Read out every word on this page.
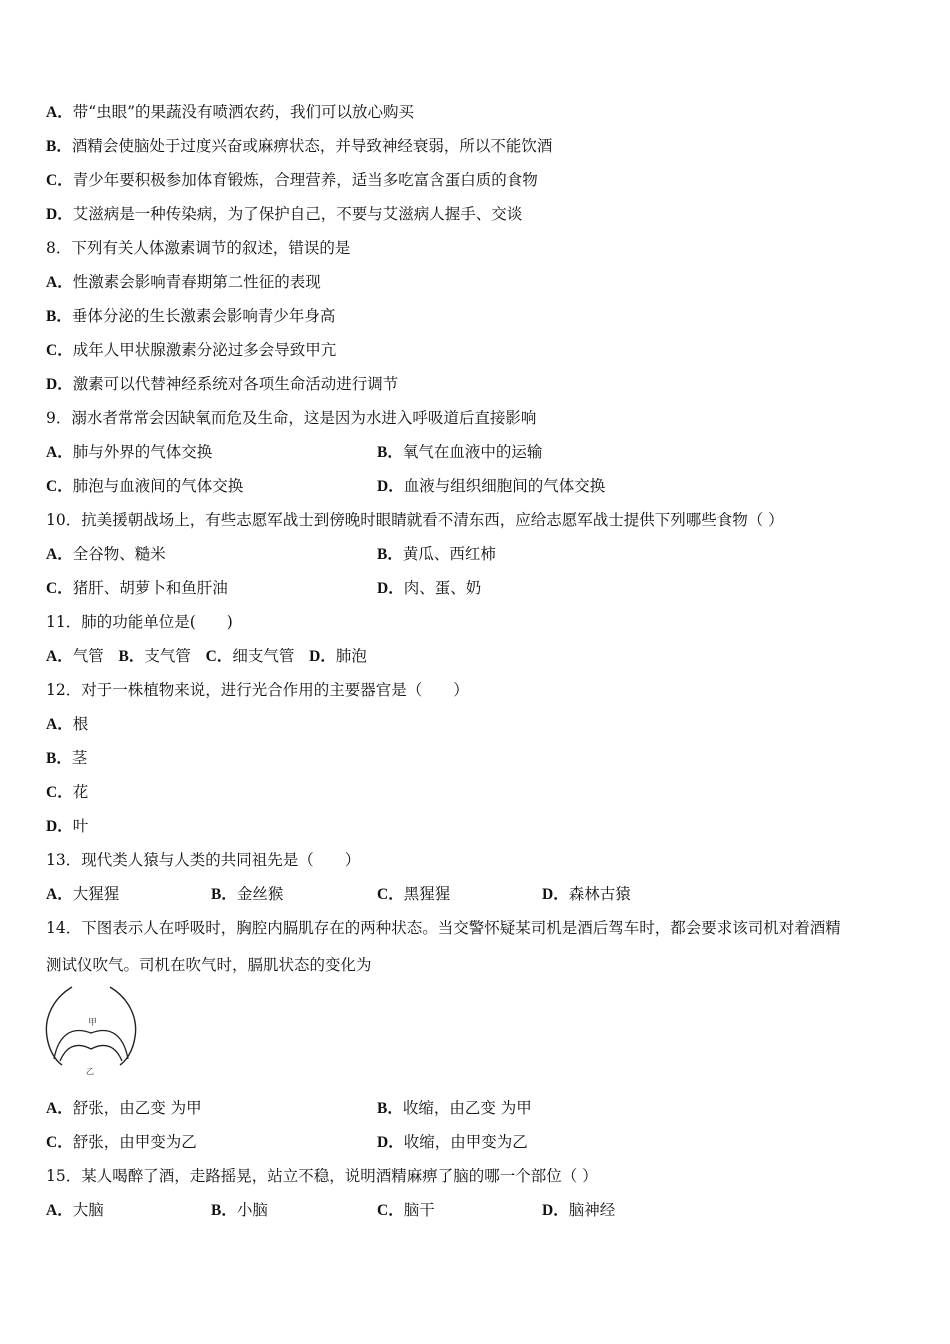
A．带“虫眼”的果蔬没有喷洒农药，我们可以放心购买
B．酒精会使脑处于过度兴奋或麻痹状态，并导致神经衰弱，所以不能饮酒
C．青少年要积极参加体育锻炼，合理营养，适当多吃富含蛋白质的食物
D．艾滋病是一种传染病，为了保护自己，不要与艾滋病人握手、交谈
8．下列有关人体激素调节的叙述，错误的是
A．性激素会影响青春期第二性征的表现
B．垂体分泌的生长激素会影响青少年身高
C．成年人甲状腺激素分泌过多会导致甲亢
D．激素可以代替神经系统对各项生命活动进行调节
9．溺水者常常会因缺氧而危及生命，这是因为水进入呼吸道后直接影响
A．肺与外界的气体交换	B．氧气在血液中的运输
C．肺泡与血液间的气体交换	D．血液与组织细胞间的气体交换
10．抗美援朝战场上，有些志愿军战士到傍晚时眼睛就看不清东西，应给志愿军战士提供下列哪些食物（ ）
A．全谷物、糙米	B．黄瓜、西红柿
C．猪肝、胡萝卜和鱼肝油	D．肉、蛋、奶
11．肺的功能单位是(　　)
A．气管 B．支气管 C．细支气管 D．肺泡
12．对于一株植物来说，进行光合作用的主要器官是（　　）
A．根
B．茎
C．花
D．叶
13．现代类人猿与人类的共同祖先是（　　）
A．大猩猩	B．金丝猴	C．黑猩猩	D．森林古猿
14．下图表示人在呼吸时，胸腔内膈肌存在的两种状态。当交警怀疑某司机是酒后驾车时，都会要求该司机对着酒精
测试仪吹气。司机在吹气时，膈肌状态的变化为
甲
乙
A．舒张，由乙变 为甲	B．收缩，由乙变 为甲
C．舒张，由甲变为乙	D．收缩，由甲变为乙
15．某人喝醉了酒，走路摇晃，站立不稳，说明酒精麻痹了脑的哪一个部位（ ）
A．大脑	B．小脑	C．脑干	D．脑神经
